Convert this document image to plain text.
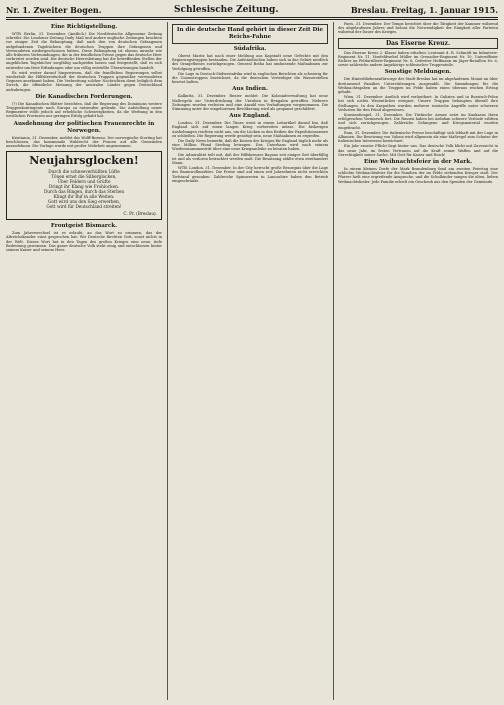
Nr. 1. Zweiter Bogen.	Schlesische Zeitung.	Breslau. Freitag, 1. Januar 1915.
Eine Richtigstellung.

WTB. Berlin, 31. Dezember. (Amtlich.) Die Norddeutsche Allgemeine Zeitung schreibt: Die Londoner Zeitung Daily Mail und andere englische Zeitungen brachten vor einiger Zeit die Behauptung, daß nach den von deutschen Gefangenen aufgefundenen Tagebüchern die deutschen Truppen ihre Gefangenen und Verwundeten niedergeschossen hätten. Diese Behauptung ist ebenso unwahr wie alle früheren Verleumdungen, die in der feindlichen Presse gegen das deutsche Heer verbreitet worden sind. Die deutsche Heeresleitung hat die betreffenden Stellen der angeblichen Tagebücher sorgfältig nachprüfen lassen und festgestellt, daß es sich entweder um freie Erfindungen oder um völlig entstellte Übersetzungen handelt.

Es wird weiter darauf hingewiesen, daß die feindlichen Regierungen selbst wiederholt die Hilfsbereitschaft der deutschen Truppen gegenüber verwundeten Gegnern anerkannt haben. Die Verbreitung solcher Nachrichten dient lediglich dem Zweck, die öffentliche Meinung der neutralen Länder gegen Deutschland aufzubringen.

Die Kanadischen Forderungen.

(?) Die Kanadischen Blätter berichten, daß die Regierung des Dominions weitere Truppenkontingente nach Europa zu entsenden gedenkt. Die Aufstellung neuer Regimenter stößt jedoch auf erhebliche Schwierigkeiten, da die Werbung in den westlichen Provinzen nur geringen Erfolg gehabt hat.

Ausdehnung der politischen Frauenrechte in Norwegen.

Kristiania, 31. Dezember, meldet das Wolff-Bureau: Der norwegische Storting hat beschlossen, das kommunale Wahlrecht der Frauen auf alle Gemeinden auszudehnen. Die Vorlage wurde mit großer Mehrheit angenommen.

Neujahrsglocken!
Durch die schneeverhüllten Lüfte
Tönen ernst die Silberglocken,
Über Feldern und Grüfte
Dringt ihr Klang wie Frohlocken.
Durch das Ringen, durch das Sterben
Klingt ihr Ruf in alle Weiten:
Gott wird uns den Sieg erwerben,
Gott wird für Deutschland streiten!
C. Pr. (Breslau).
Frontgeist Bismarck.

Zum Jahreswechsel ist es erlaubt, an das Wort zu erinnern, das der Altreichskanzler einst gesprochen hat: Wir Deutsche fürchten Gott, sonst nichts in der Welt. Dieses Wort hat in den Tagen des großen Krieges eine neue, tiefe Bedeutung gewonnen. Das ganze deutsche Volk steht einig und entschlossen hinter seinem Kaiser und seinem Heer.

In die deutsche Hand gehört in dieser Zeit Die Reichs-Fahne
Südafrika.

Oberst Maritz hat nach einer Meldung aus Kapstadt neue Gefechte mit den Regierungstruppen bestanden. Die Aufständischen haben sich in das Gebiet nördlich des Oranjeflusses zurückgezogen. General Botha hat umfassende Maßnahmen zur Verfolgung getroffen.

Die Lage in Deutsch-Südwestafrika wird in englischen Berichten als schwierig für die Unionstruppen bezeichnet, da die deutschen Verteidiger die Wasserstellen besetzt halten.

Aus Indien.

Kalkutta, 31. Dezember. Reuter meldet: Die Kolonialverwaltung hat neue Maßregeln zur Unterdrückung der Unruhen in Bengalen getroffen. Mehrere Zeitungen wurden verboten und eine Anzahl von Verhaftungen vorgenommen. Die Stimmung unter der eingeborenen Bevölkerung wird als gespannt geschildert.

Aus England.

London, 31. Dezember. Die Times weist in einem Leitartikel darauf hin, daß England sich auf einen langen Krieg vorbereiten müsse. Die bisherigen Aushebungen reichten nicht aus, um die Lücken in den Reihen der Expeditionsarmee zu schließen. Die Regierung werde genötigt sein, neue Maßnahmen zu ergreifen.

Die Daily News bemerkt, daß die Kosten des Krieges für England täglich mehr als eine Million Pfund Sterling betragen. Das Unterhaus wird nach seinem Wiederzusammentritt über eine neue Kriegsanleihe zu beraten haben.

Die Admiralität teilt mit, daß der Hilfskreuzer Bayano seit einiger Zeit überfällig ist und als verloren betrachtet werden muß. Die Besatzung zählte etwa zweihundert Mann.

WTB. London, 31. Dezember. In der City herrscht große Besorgnis über die Lage des Baumwollmarktes. Die Preise sind auf einen seit Jahrzehnten nicht erreichten Tiefstand gesunken. Zahlreiche Spinnereien in Lancashire haben den Betrieb eingeschränkt.

Paris, 31. Dezember. Der Temps berichtet über die Tätigkeit der Kammer während des abgelaufenen Jahres und betont die Notwendigkeit der Einigkeit aller Parteien während der Dauer des Krieges.

Das Eiserne Kreuz.

Das Eiserne Kreuz 2. Klasse haben erhalten: Leutnant d. R. Schmidt im Infanterie-Regiment Nr. 11, Vizefeldwebel Müller im Grenadier-Regiment Nr. 10, Unteroffizier Richter im Feldartillerie-Regiment Nr. 6, Gefreiter Hoffmann im Jäger-Bataillon Nr. 6, sowie zahlreiche andere Angehörige schlesischer Truppenteile.

Sonstige Meldungen.

Die Hinterbliebenenfürsorge der Stadt Breslau hat im abgelaufenen Monat an über dreitausend Familien Unterstützungen ausgezahlt. Die Sammlungen für die Weihnachtsgaben an die Truppen im Felde haben einen überaus reichen Ertrag gehabt.

Wien, 31. Dezember. Amtlich wird verlautbart: In Galizien und in Russisch-Polen hat sich nichts Wesentliches ereignet. Unsere Truppen behaupten überall ihre Stellungen. In den Karpathen wurden mehrere russische Angriffe unter schweren Verlusten für den Feind abgewiesen.

Konstantinopel, 31. Dezember. Die Türkische Armee setzt im Kaukasus ihren erfolgreichen Vormarsch fort. Die Russen haben bei Ardahan schwere Verluste erlitten und sich zurückgezogen. Zahlreiche Gefangene und Kriegsmaterial wurden eingebracht.

Rom, 31. Dezember. Die italienische Presse beschäftigt sich lebhaft mit der Lage in Albanien. Die Besetzung von Valona wird allgemein als eine Maßregel zum Schutze der italienischen Interessen bezeichnet.

Ein Jahr ernster Pflicht liegt hinter uns. Das deutsche Volk blickt mit Zuversicht in das neue Jahr, im festen Vertrauen auf die Kraft seiner Waffen und auf die Gerechtigkeit seiner Sache. Mit Gott für Kaiser und Reich!

Eine Weihnachtsfeier in der Mark.

In einem kleinen Dorfe der Mark Brandenburg fand am zweiten Feiertag eine schlichte Weihnachtsfeier für die Familien der im Felde stehenden Krieger statt. Der Pfarrer hielt eine ergreifende Ansprache, und die Schulkinder sangen die alten, lieben Weihnachtslieder. Jede Familie erhielt ein Geschenk aus den Spenden der Gemeinde.
